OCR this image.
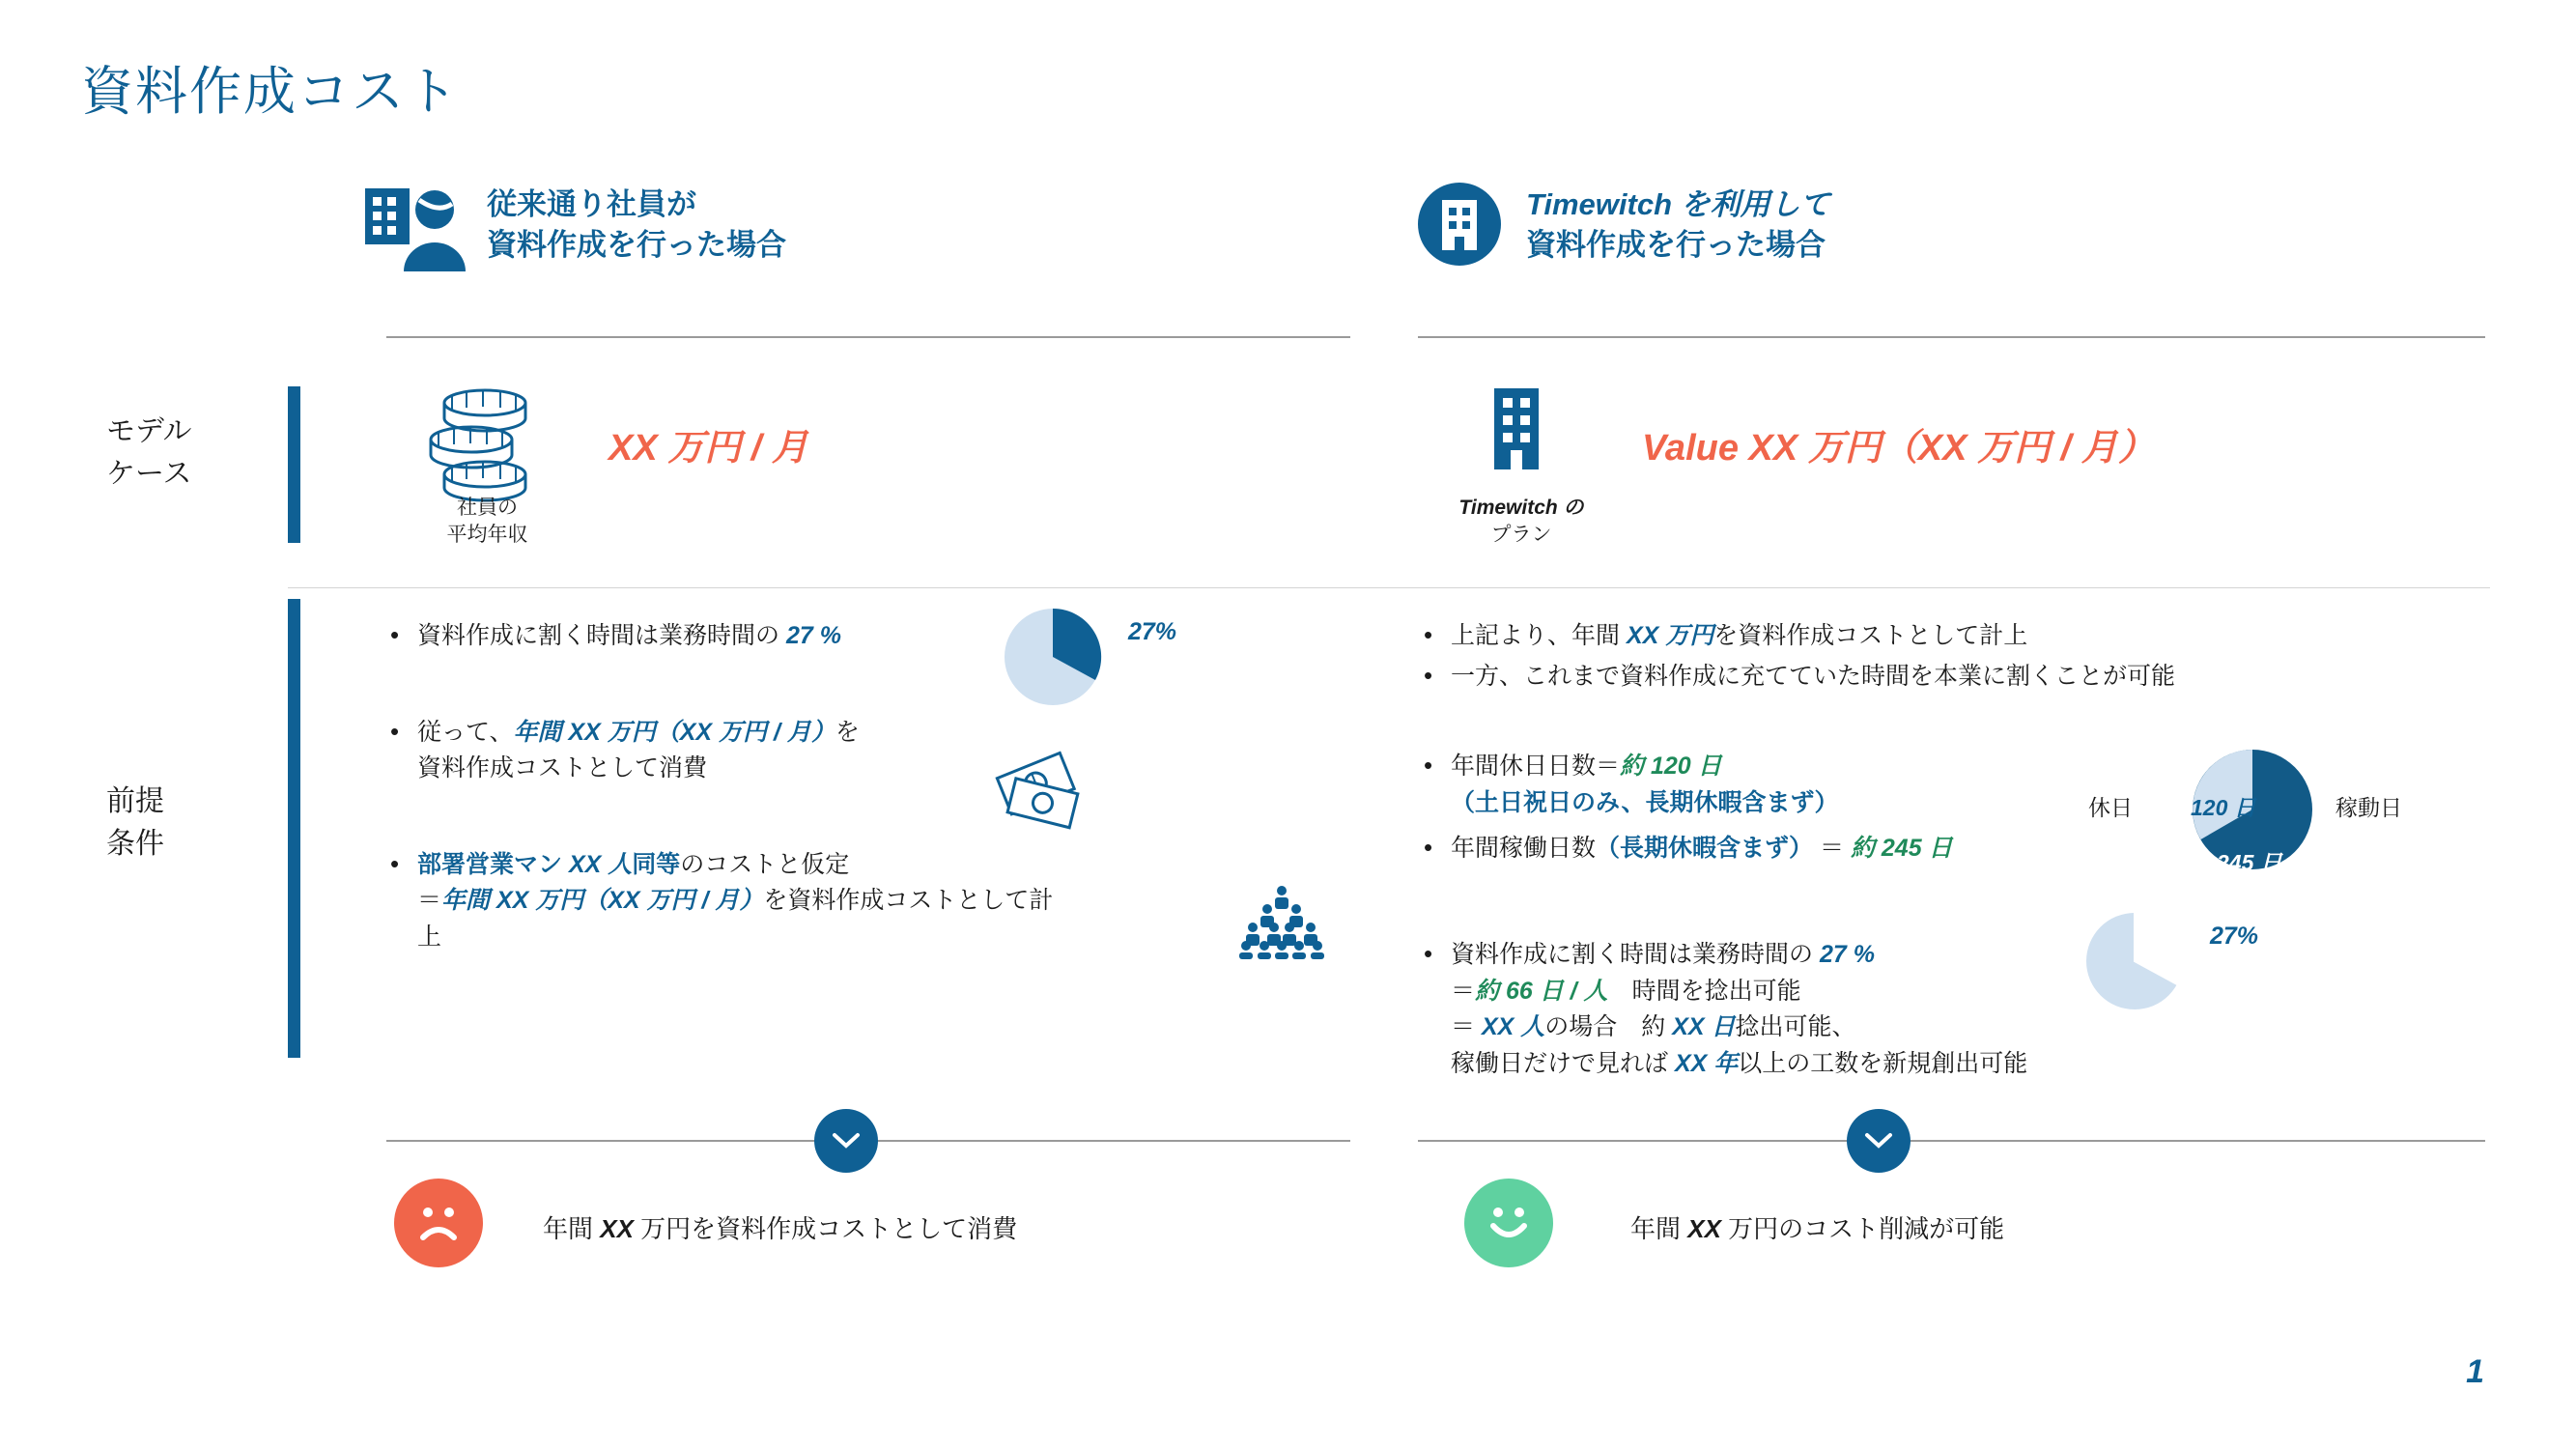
資料作成コスト
従来通り社員が
資料作成を行った場合
Timewitch を利用して
資料作成を行った場合
モデル
ケース
前提
条件
XX 万円 / 月
社員の
平均年収
Value XX 万円（XX 万円 / 月）
Timewitch の
プラン
• 資料作成に割く時間は業務時間の 27 %
• 従って、年間 XX 万円（XX 万円 / 月）を
資料作成コストとして消費
• 部署営業マン XX 人同等のコストと仮定
＝年間 XX 万円（XX 万円 / 月）を資料作成コストとして計上
27%	• 上記より、年間 XX 万円を資料作成コストとして計上
• 一方、これまで資料作成に充てていた時間を本業に割くことが可能
• 年間休日日数＝約 120 日
（土日祝日のみ、長期休暇含まず）
• 年間稼働日数（長期休暇含まず） ＝ 約 245 日
• 資料作成に割く時間は業務時間の 27 %
＝約 66 日 / 人　時間を捻出可能
＝ XX 人の場合　約 XX 日捻出可能、
稼働日だけで見れば XX 年以上の工数を新規創出可能
休日	120 日	稼動日
245 日
27%
年間 XX 万円を資料作成コストとして消費	年間 XX 万円のコスト削減が可能
1
